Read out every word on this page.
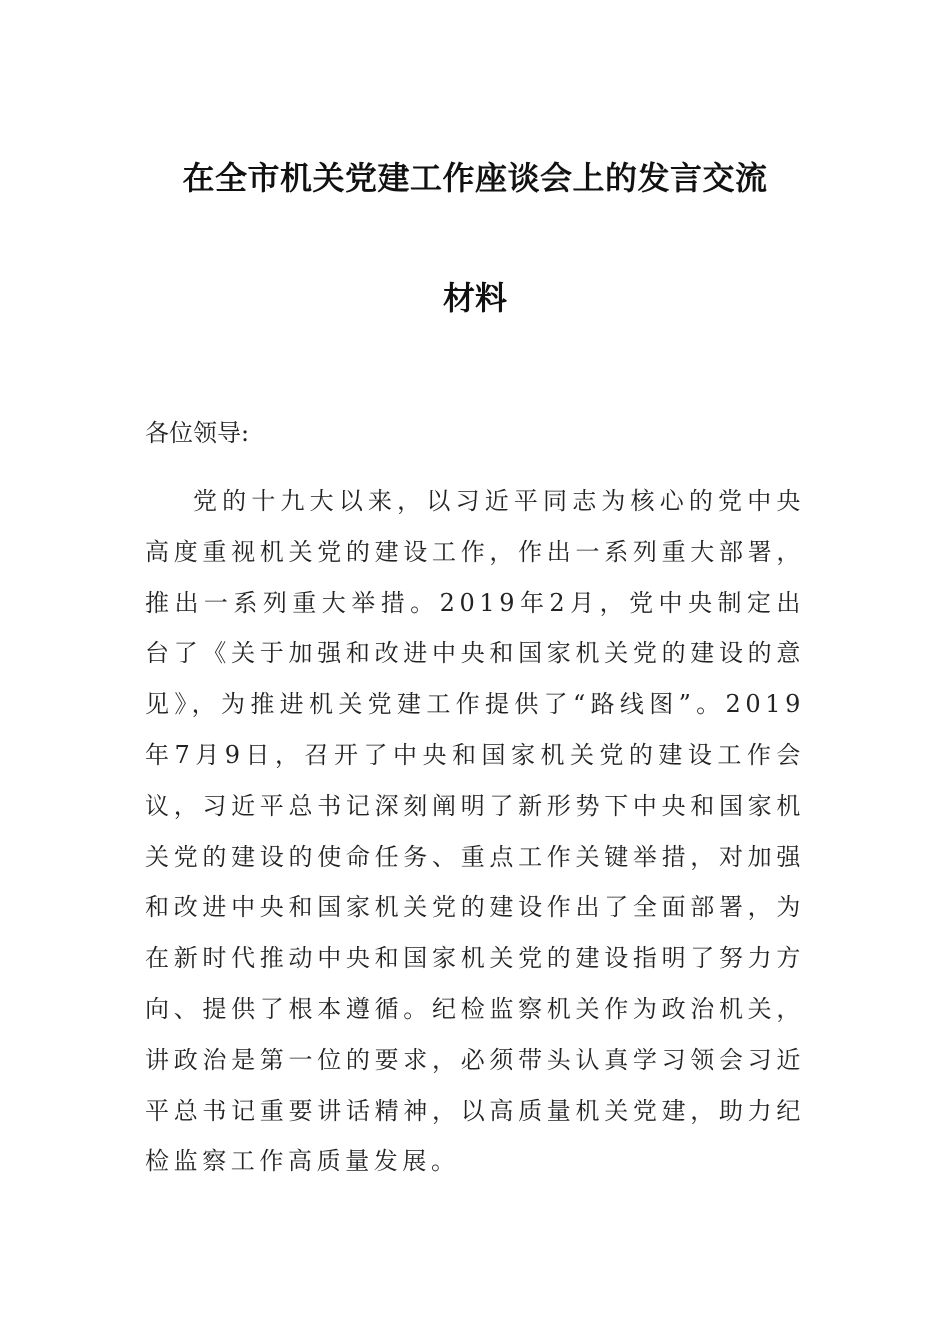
在全市机关党建工作座谈会上的发言交流
材料
各位领导:
党的十九大以来，以习近平同志为核心的党中央高度重视机关党的建设工作，作出一系列重大部署，推出一系列重大举措。2019年2月，党中央制定出台了《关于加强和改进中央和国家机关党的建设的意见》，为推进机关党建工作提供了“路线图”。2019年7月9日，召开了中央和国家机关党的建设工作会议，习近平总书记深刻阐明了新形势下中央和国家机关党的建设的使命任务、重点工作关键举措，对加强和改进中央和国家机关党的建设作出了全面部署，为在新时代推动中央和国家机关党的建设指明了努力方向、提供了根本遵循。纪检监察机关作为政治机关，讲政治是第一位的要求，必须带头认真学习领会习近平总书记重要讲话精神，以高质量机关党建，助力纪检监察工作高质量发展。
